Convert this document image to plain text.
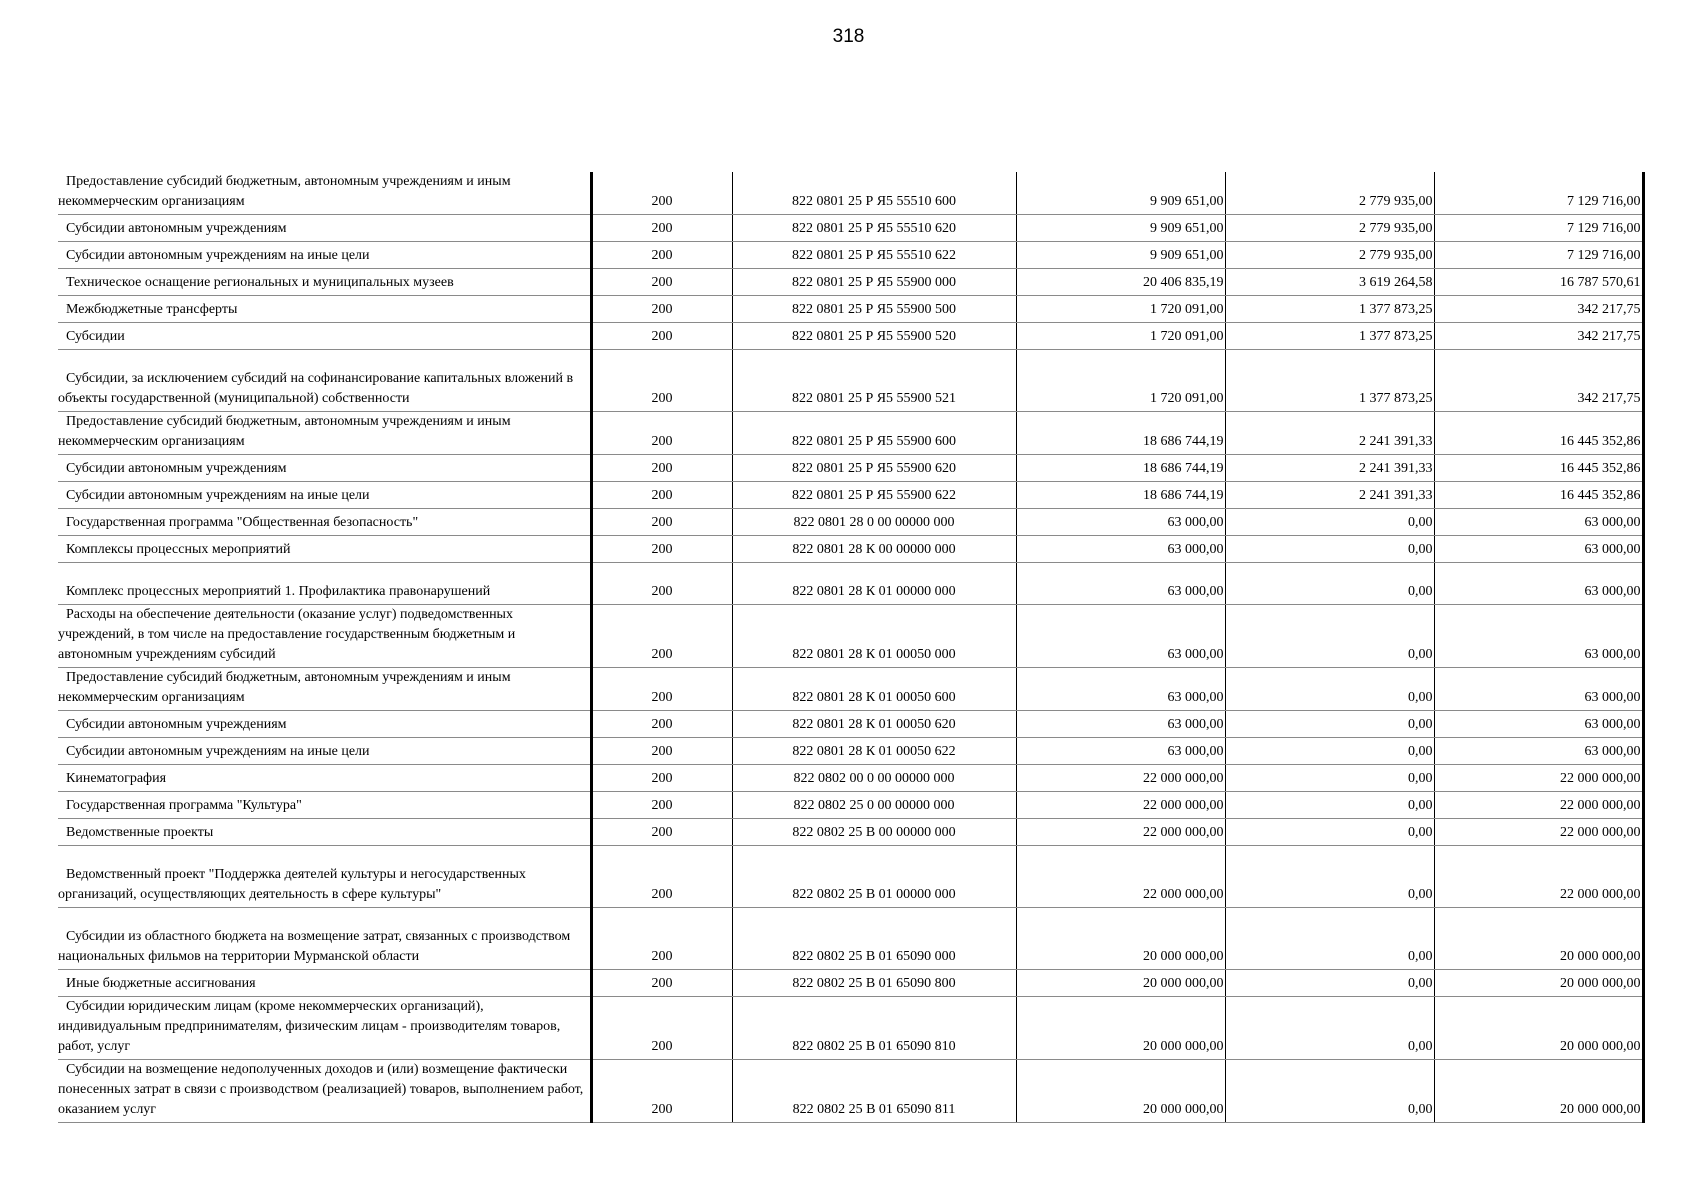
318
Предоставление субсидий бюджетным, автономным учреждениям и иным некоммерческим организациям	200	822 0801 25 Р Я5 55510 600	9 909 651,00	2 779 935,00	7 129 716,00

Субсидии автономным учреждениям	200	822 0801 25 Р Я5 55510 620	9 909 651,00	2 779 935,00	7 129 716,00

Субсидии автономным учреждениям на иные цели	200	822 0801 25 Р Я5 55510 622	9 909 651,00	2 779 935,00	7 129 716,00

Техническое оснащение региональных и муниципальных музеев	200	822 0801 25 Р Я5 55900 000	20 406 835,19	3 619 264,58	16 787 570,61

Межбюджетные трансферты	200	822 0801 25 Р Я5 55900 500	1 720 091,00	1 377 873,25	342 217,75

Субсидии	200	822 0801 25 Р Я5 55900 520	1 720 091,00	1 377 873,25	342 217,75

Субсидии, за исключением субсидий на софинансирование капитальных вложений в объекты государственной (муниципальной) собственности	200	822 0801 25 Р Я5 55900 521	1 720 091,00	1 377 873,25	342 217,75

Предоставление субсидий бюджетным, автономным учреждениям и иным некоммерческим организациям	200	822 0801 25 Р Я5 55900 600	18 686 744,19	2 241 391,33	16 445 352,86

Субсидии автономным учреждениям	200	822 0801 25 Р Я5 55900 620	18 686 744,19	2 241 391,33	16 445 352,86

Субсидии автономным учреждениям на иные цели	200	822 0801 25 Р Я5 55900 622	18 686 744,19	2 241 391,33	16 445 352,86

Государственная программа "Общественная безопасность"	200	822 0801 28 0 00 00000 000	63 000,00	0,00	63 000,00

Комплексы процессных мероприятий	200	822 0801 28 К 00 00000 000	63 000,00	0,00	63 000,00

Комплекс процессных мероприятий 1. Профилактика правонарушений	200	822 0801 28 К 01 00000 000	63 000,00	0,00	63 000,00

Расходы на обеспечение деятельности (оказание услуг) подведомственных учреждений, в том числе на предоставление государственным бюджетным и автономным учреждениям субсидий	200	822 0801 28 К 01 00050 000	63 000,00	0,00	63 000,00

Предоставление субсидий бюджетным, автономным учреждениям и иным некоммерческим организациям	200	822 0801 28 К 01 00050 600	63 000,00	0,00	63 000,00

Субсидии автономным учреждениям	200	822 0801 28 К 01 00050 620	63 000,00	0,00	63 000,00

Субсидии автономным учреждениям на иные цели	200	822 0801 28 К 01 00050 622	63 000,00	0,00	63 000,00

Кинематография	200	822 0802 00 0 00 00000 000	22 000 000,00	0,00	22 000 000,00

Государственная программа "Культура"	200	822 0802 25 0 00 00000 000	22 000 000,00	0,00	22 000 000,00

Ведомственные проекты	200	822 0802 25 В 00 00000 000	22 000 000,00	0,00	22 000 000,00

Ведомственный проект "Поддержка деятелей культуры и негосударственных организаций, осуществляющих деятельность в сфере культуры"	200	822 0802 25 В 01 00000 000	22 000 000,00	0,00	22 000 000,00

Субсидии из областного бюджета на возмещение затрат, связанных с производством национальных фильмов на территории Мурманской области	200	822 0802 25 В 01 65090 000	20 000 000,00	0,00	20 000 000,00

Иные бюджетные ассигнования	200	822 0802 25 В 01 65090 800	20 000 000,00	0,00	20 000 000,00

Субсидии юридическим лицам (кроме некоммерческих организаций), индивидуальным предпринимателям, физическим лицам - производителям товаров, работ, услуг	200	822 0802 25 В 01 65090 810	20 000 000,00	0,00	20 000 000,00

Субсидии на возмещение недополученных доходов и (или) возмещение фактически понесенных затрат в связи с производством (реализацией) товаров, выполнением работ, оказанием услуг	200	822 0802 25 В 01 65090 811	20 000 000,00	0,00	20 000 000,00
